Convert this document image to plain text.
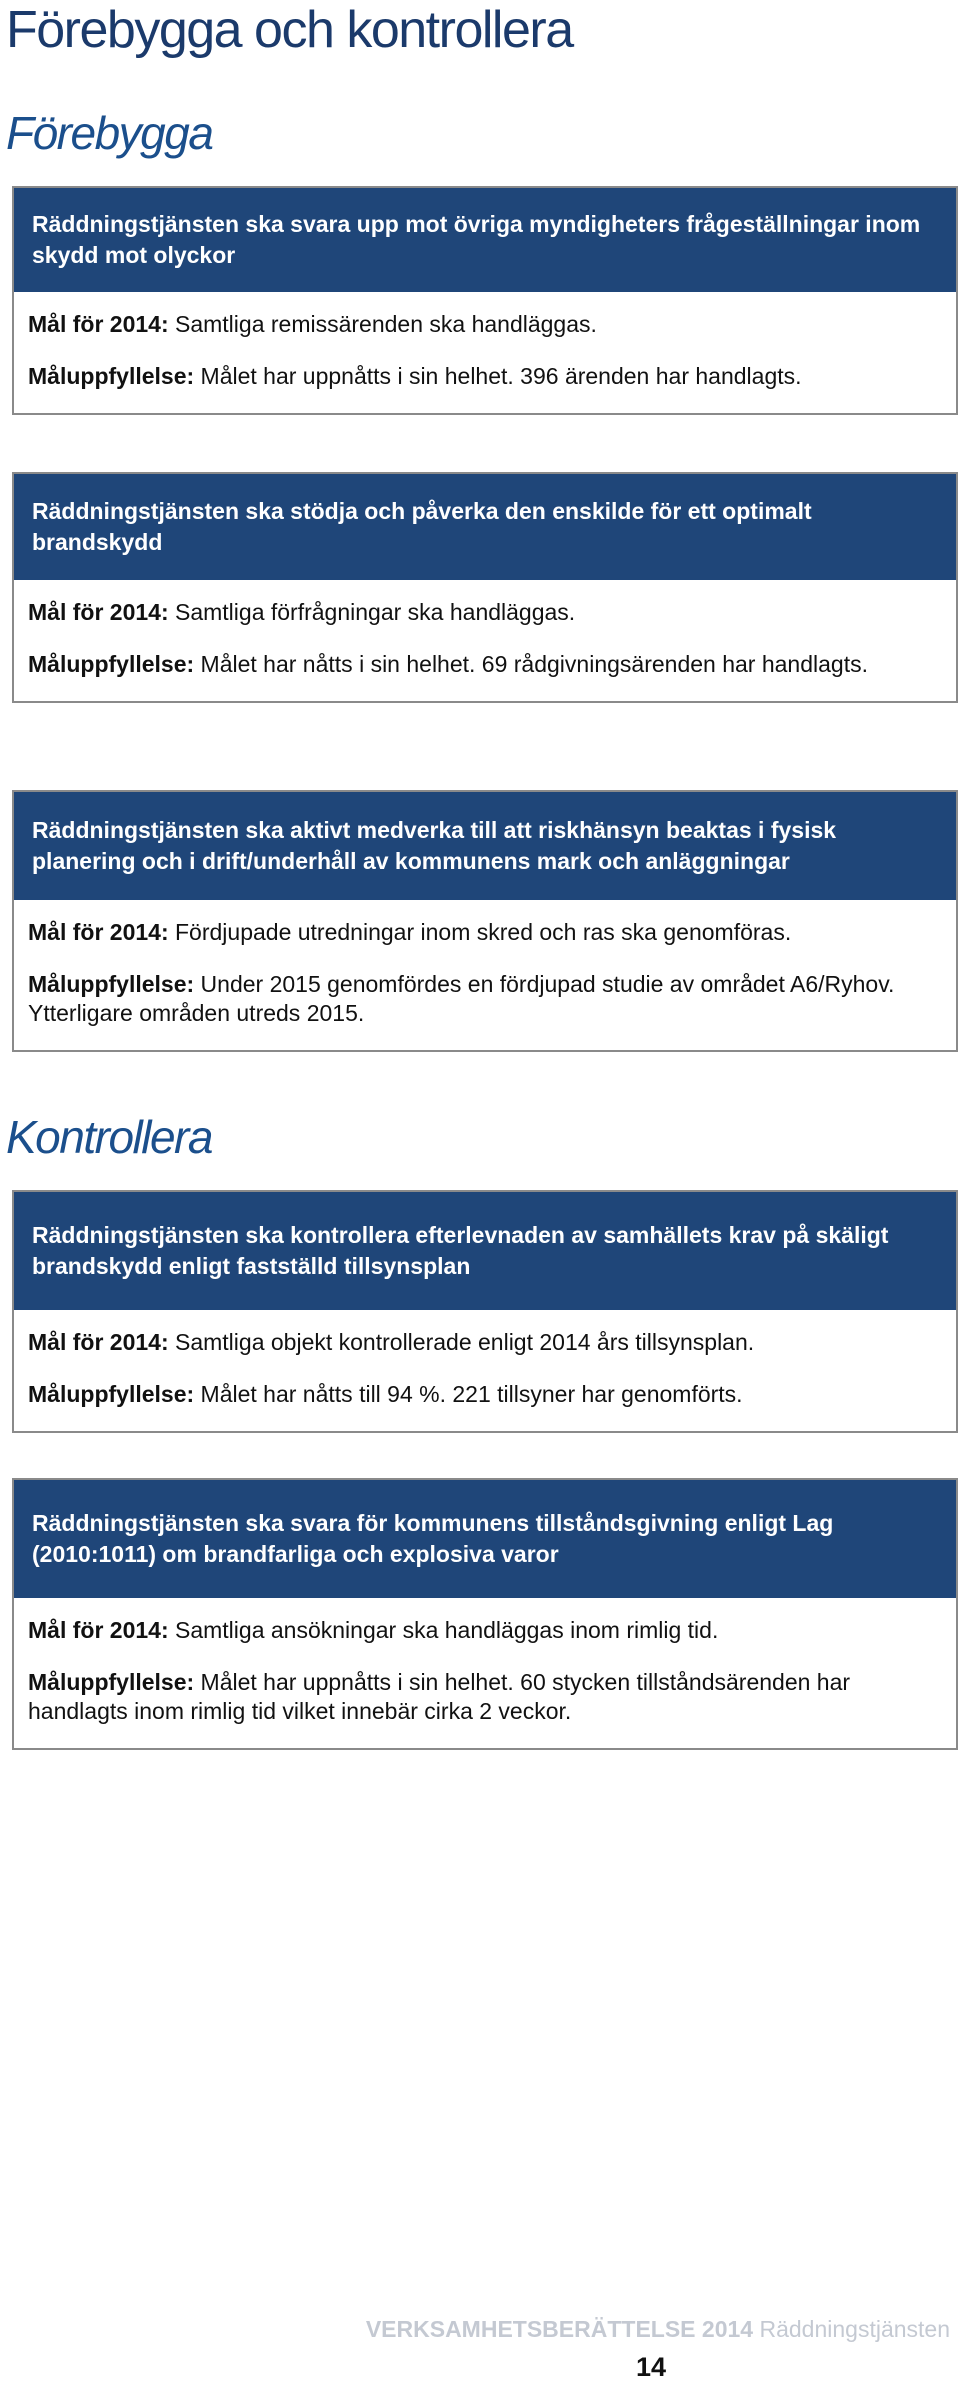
Förebygga och kontrollera
Förebygga
Räddningstjänsten ska svara upp mot övriga myndigheters frågeställningar inom skydd mot olyckor

Mål för 2014: Samtliga remissärenden ska handläggas.

Måluppfyllelse: Målet har uppnåtts i sin helhet. 396 ärenden har handlagts.

Räddningstjänsten ska stödja och påverka den enskilde för ett optimalt brandskydd

Mål för 2014: Samtliga förfrågningar ska handläggas.

Måluppfyllelse: Målet har nåtts i sin helhet. 69 rådgivningsärenden har handlagts.

Räddningstjänsten ska aktivt medverka till att riskhänsyn beaktas i fysisk planering och i drift/underhåll av kommunens mark och anläggningar

Mål för 2014: Fördjupade utredningar inom skred och ras ska genomföras.

Måluppfyllelse: Under 2015 genomfördes en fördjupad studie av området A6/Ryhov. Ytterligare områden utreds 2015.

Kontrollera
Räddningstjänsten ska kontrollera efterlevnaden av samhällets krav på skäligt brandskydd enligt fastställd tillsynsplan

Mål för 2014: Samtliga objekt kontrollerade enligt 2014 års tillsynsplan.

Måluppfyllelse: Målet har nåtts till 94 %. 221 tillsyner har genomförts.

Räddningstjänsten ska svara för kommunens tillståndsgivning enligt Lag (2010:1011) om brandfarliga och explosiva varor

Mål för 2014: Samtliga ansökningar ska handläggas inom rimlig tid.

Måluppfyllelse: Målet har uppnåtts i sin helhet. 60 stycken tillståndsärenden har handlagts inom rimlig tid vilket innebär cirka 2 veckor.

VERKSAMHETSBERÄTTELSE 2014 Räddningstjänsten
14
